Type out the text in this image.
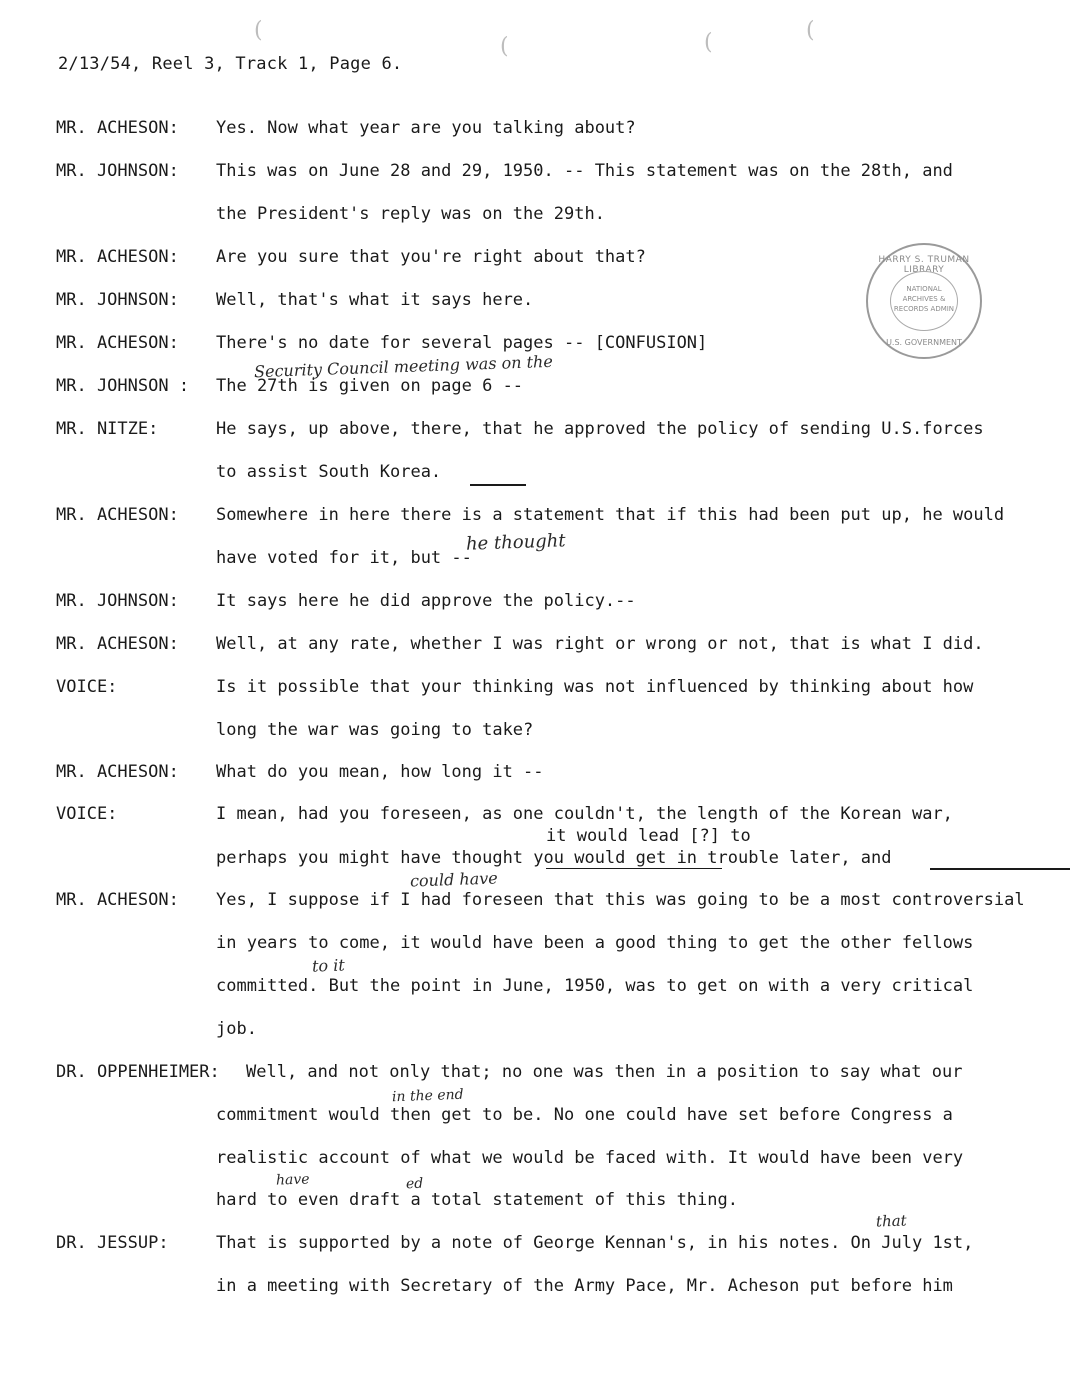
(
(	(	(
2/13/54, Reel 3, Track 1, Page 6.
MR. ACHESON: Yes. Now what year are you talking about?
MR. JOHNSON: This was on June 28 and 29, 1950. -- This statement was on the 28th, and
the President's reply was on the 29th.
MR. ACHESON: Are you sure that you're right about that?
MR. JOHNSON: Well, that's what it says here.
MR. ACHESON: There's no date for several pages -- [CONFUSION]
MR. JOHNSON : The 27th is given on page 6 --
MR. NITZE:	He says, up above, there, that he approved the policy of sending U.S.forces
to assist South Korea.
MR. ACHESON: Somewhere in here there is a statement that if this had been put up, he would
have voted for it, but --
MR. JOHNSON: It says here he did approve the policy.--
MR. ACHESON: Well, at any rate, whether I was right or wrong or not, that is what I did.
VOICE:	Is it possible that your thinking was not influenced by thinking about how
long the war was going to take?
MR. ACHESON: What do you mean, how long it --
VOICE:	I mean, had you foreseen, as one couldn't, the length of the Korean war,
it would lead [?] to
perhaps you might have thought you would get in trouble later, and
MR. ACHESON: Yes, I suppose if I had foreseen that this was going to be a most controversial
in years to come, it would have been a good thing to get the other fellows
committed. But the point in June, 1950, was to get on with a very critical
job.
DR. OPPENHEIMER: Well, and not only that; no one was then in a position to say what our
commitment would then get to be. No one could have set before Congress a
realistic account of what we would be faced with. It would have been very
hard to even draft a total statement of this thing.
DR. JESSUP:	That is supported by a note of George Kennan's, in his notes. On July 1st,
in a meeting with Secretary of the Army Pace, Mr. Acheson put before him
Security Council meeting was on the
he thought
could have
to it
in the end
have	ed
that
HARRY S. TRUMAN LIBRARY
NATIONAL ARCHIVES & RECORDS ADMIN
U.S. GOVERNMENT
